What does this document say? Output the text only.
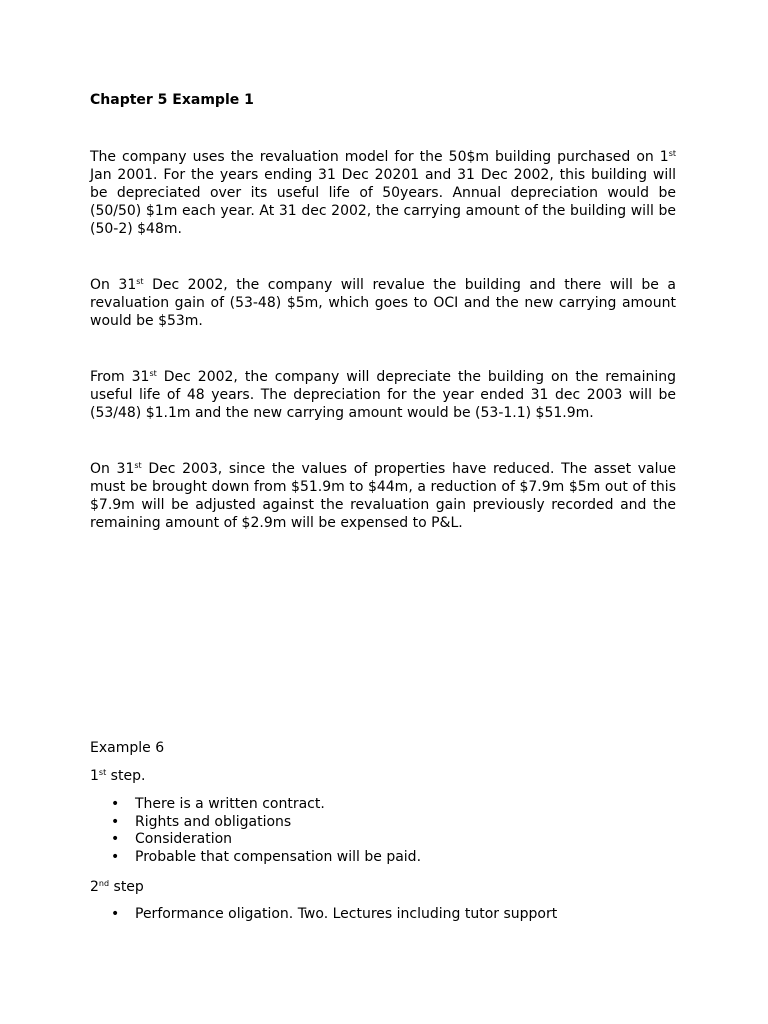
Chapter 5 Example 1

The company uses the revaluation model for the 50$m building purchased on 1st Jan 2001. For the years ending 31 Dec 20201 and 31 Dec 2002, this building will be depreciated over its useful life of 50years. Annual depreciation would be (50/50) $1m each year. At 31 dec 2002, the carrying amount of the building will be (50-2) $48m.

On 31st Dec 2002, the company will revalue the building and there will be a revaluation gain of (53-48) $5m, which goes to OCI and the new carrying amount would be $53m.

From 31st Dec 2002, the company will depreciate the building on the remaining useful life of 48 years. The depreciation for the year ended 31 dec 2003 will be (53/48) $1.1m and the new carrying amount would be (53-1.1) $51.9m.

On 31st Dec 2003, since the values of properties have reduced. The asset value must be brought down from $51.9m to $44m, a reduction of $7.9m $5m out of this $7.9m will be adjusted against the revaluation gain previously recorded and the remaining amount of $2.9m will be expensed to P&L.

Example 6

1st step.

• There is a written contract.
• Rights and obligations
• Consideration
• Probable that compensation will be paid.

2nd step

• Performance oligation. Two. Lectures including tutor support
